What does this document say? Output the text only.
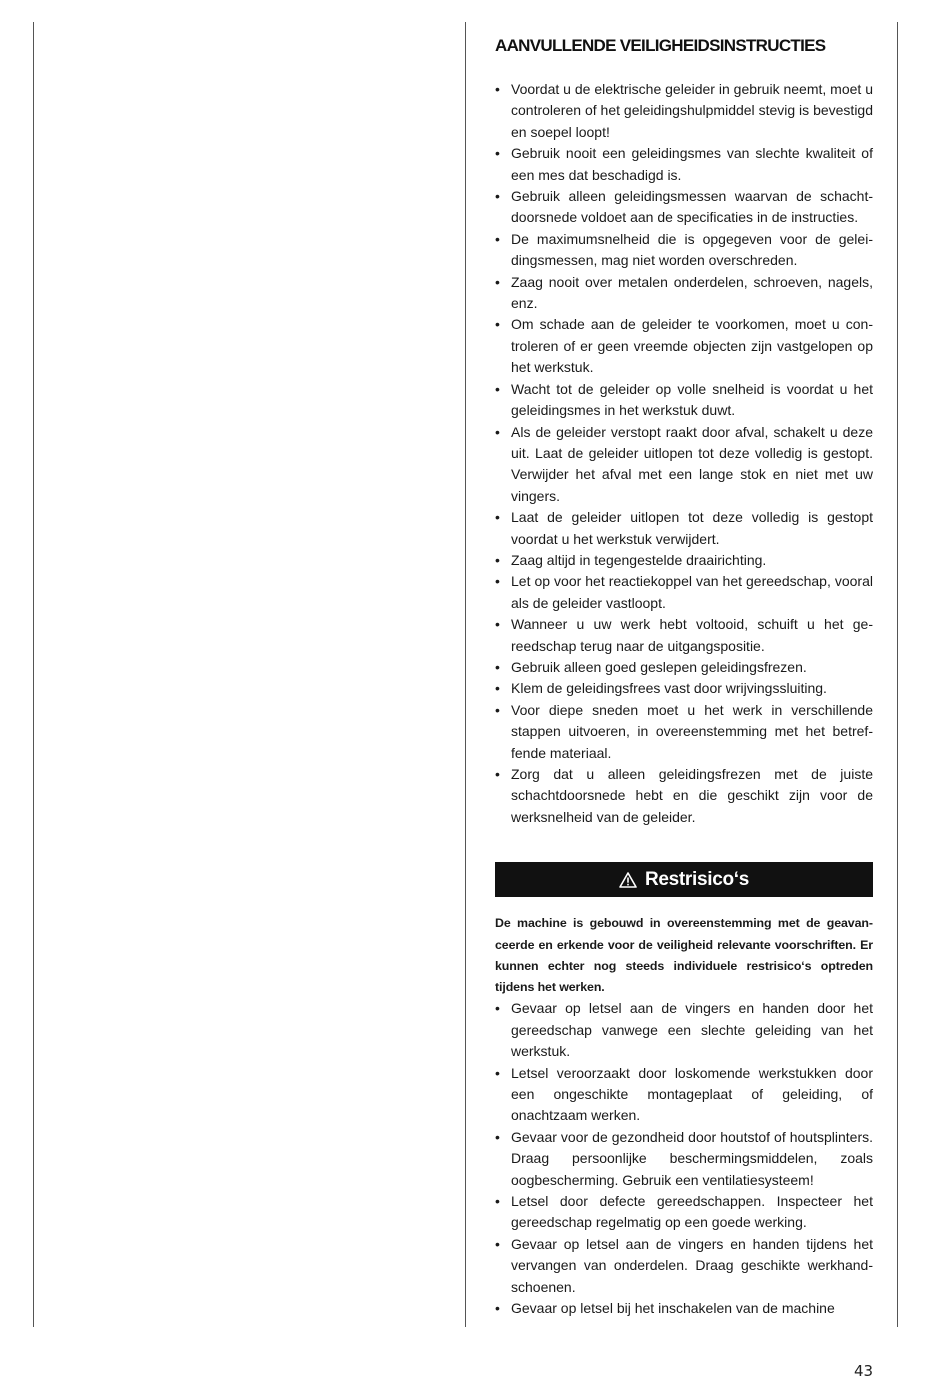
AANVULLENDE VEILIGHEIDSINSTRUCTIES
• Voordat u de elektrische geleider in gebruik neemt, moet u controleren of het geleidingshulpmiddel stevig is bevestigd en soepel loopt!
• Gebruik nooit een geleidingsmes van slechte kwaliteit of een mes dat beschadigd is.
• Gebruik alleen geleidingsmessen waarvan de schachtdoorsnede voldoet aan de specificaties in de instructies.
• De maximumsnelheid die is opgegeven voor de geleidingsmessen, mag niet worden overschreden.
• Zaag nooit over metalen onderdelen, schroeven, nagels, enz.
• Om schade aan de geleider te voorkomen, moet u controleren of er geen vreemde objecten zijn vastgelopen op het werkstuk.
• Wacht tot de geleider op volle snelheid is voordat u het geleidingsmes in het werkstuk duwt.
• Als de geleider verstopt raakt door afval, schakelt u deze uit. Laat de geleider uitlopen tot deze volledig is gestopt. Verwijder het afval met een lange stok en niet met uw vingers.
• Laat de geleider uitlopen tot deze volledig is gestopt voordat u het werkstuk verwijdert.
• Zaag altijd in tegengestelde draairichting.
• Let op voor het reactiekoppel van het gereedschap, vooral als de geleider vastloopt.
• Wanneer u uw werk hebt voltooid, schuift u het gereedschap terug naar de uitgangspositie.
• Gebruik alleen goed geslepen geleidingsfrezen.
• Klem de geleidingsfrees vast door wrijvingssluiting.
• Voor diepe sneden moet u het werk in verschillende stappen uitvoeren, in overeenstemming met het betreffende materiaal.
• Zorg dat u alleen geleidingsfrezen met de juiste schachtdoorsnede hebt en die geschikt zijn voor de werksnelheid van de geleider.
Restrisico‘s

De machine is gebouwd in overeenstemming met de geavanceerde en erkende voor de veiligheid relevante voorschriften. Er kunnen echter nog steeds individuele restrisico‘s optreden tijdens het werken.

• Gevaar op letsel aan de vingers en handen door het gereedschap vanwege een slechte geleiding van het werkstuk.
• Letsel veroorzaakt door loskomende werkstukken door een ongeschikte montageplaat of geleiding, of onachtzaam werken.
• Gevaar voor de gezondheid door houtstof of houtsplinters. Draag persoonlijke beschermingsmiddelen, zoals oogbescherming. Gebruik een ventilatiesysteem!
• Letsel door defecte gereedschappen. Inspecteer het gereedschap regelmatig op een goede werking.
• Gevaar op letsel aan de vingers en handen tijdens het vervangen van onderdelen. Draag geschikte werkhandschoenen.
• Gevaar op letsel bij het inschakelen van de machine
43
